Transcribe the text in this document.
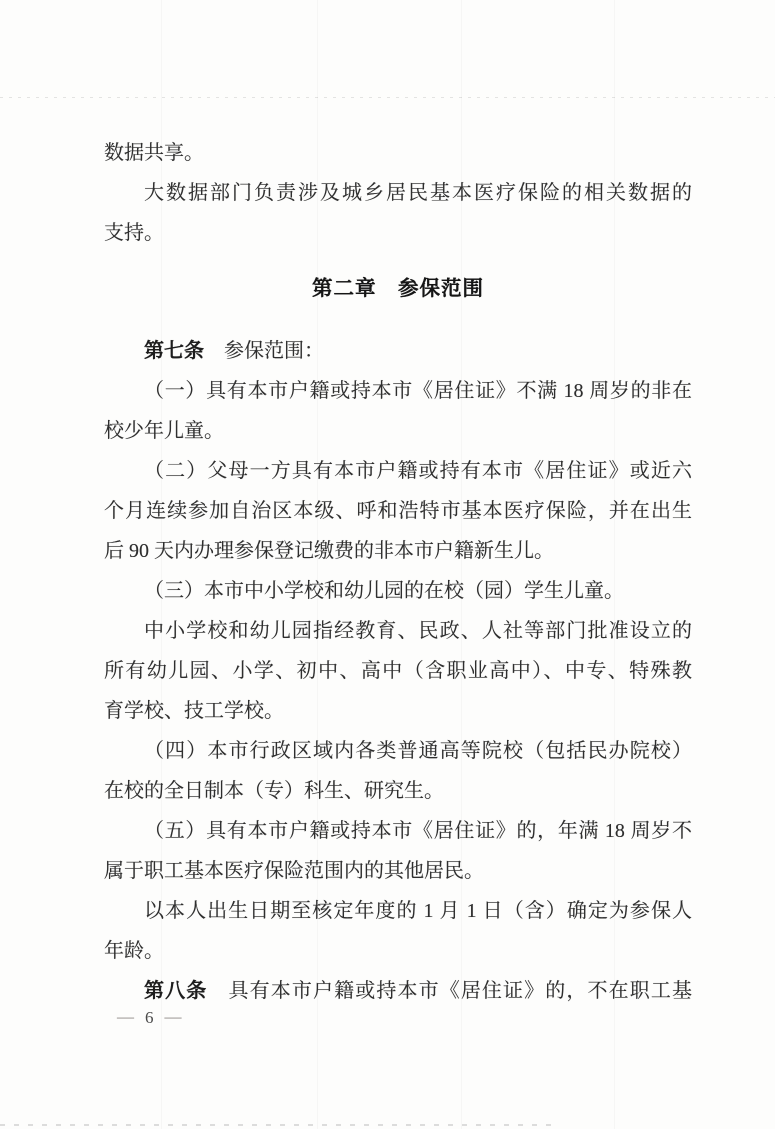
数据共享。
大数据部门负责涉及城乡居民基本医疗保险的相关数据的
支持。
第二章　参保范围
第七条　参保范围：
（一）具有本市户籍或持本市《居住证》不满 18 周岁的非在
校少年儿童。
（二）父母一方具有本市户籍或持有本市《居住证》或近六
个月连续参加自治区本级、呼和浩特市基本医疗保险，并在出生
后 90 天内办理参保登记缴费的非本市户籍新生儿。
（三）本市中小学校和幼儿园的在校（园）学生儿童。
中小学校和幼儿园指经教育、民政、人社等部门批准设立的
所有幼儿园、小学、初中、高中（含职业高中）、中专、特殊教
育学校、技工学校。
（四）本市行政区域内各类普通高等院校（包括民办院校）
在校的全日制本（专）科生、研究生。
（五）具有本市户籍或持本市《居住证》的，年满 18 周岁不
属于职工基本医疗保险范围内的其他居民。
以本人出生日期至核定年度的 1 月 1 日（含）确定为参保人
年龄。
第八条　具有本市户籍或持本市《居住证》的，不在职工基
— 6 —
